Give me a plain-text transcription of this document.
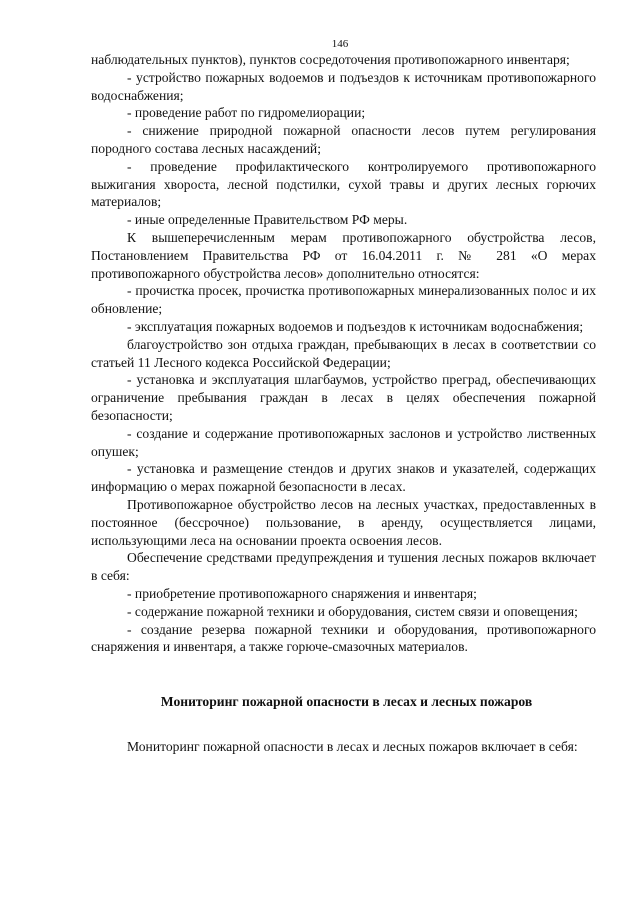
146

наблюдательных пунктов), пунктов сосредоточения противопожарного инвентаря;

- устройство пожарных водоемов и подъездов к источникам противопожарного водоснабжения;

- проведение работ по гидромелиорации;

- снижение природной пожарной опасности лесов путем регулирования породного состава лесных насаждений;

- проведение профилактического контролируемого противопожарного выжигания хвороста, лесной подстилки, сухой травы и других лесных горючих материалов;

- иные определенные Правительством РФ меры.

К вышеперечисленным мерам противопожарного обустройства лесов, Постановлением Правительства РФ от 16.04.2011 г. № 281 «О мерах противопожарного обустройства лесов» дополнительно относятся:

- прочистка просек, прочистка противопожарных минерализованных полос и их обновление;

- эксплуатация пожарных водоемов и подъездов к источникам водоснабжения;

благоустройство зон отдыха граждан, пребывающих в лесах в соответствии со статьей 11 Лесного кодекса Российской Федерации;

- установка и эксплуатация шлагбаумов, устройство преград, обеспечивающих ограничение пребывания граждан в лесах в целях обеспечения пожарной безопасности;

- создание и содержание противопожарных заслонов и устройство лиственных опушек;

- установка и размещение стендов и других знаков и указателей, содержащих информацию о мерах пожарной безопасности в лесах.

Противопожарное обустройство лесов на лесных участках, предоставленных в постоянное (бессрочное) пользование, в аренду, осуществляется лицами, использующими леса на основании проекта освоения лесов.

Обеспечение средствами предупреждения и тушения лесных пожаров включает в себя:

- приобретение противопожарного снаряжения и инвентаря;

- содержание пожарной техники и оборудования, систем связи и оповещения;

- создание резерва пожарной техники и оборудования, противопожарного снаряжения и инвентаря, а также горюче-смазочных материалов.

Мониторинг пожарной опасности в лесах и лесных пожаров

Мониторинг пожарной опасности в лесах и лесных пожаров включает в себя:
